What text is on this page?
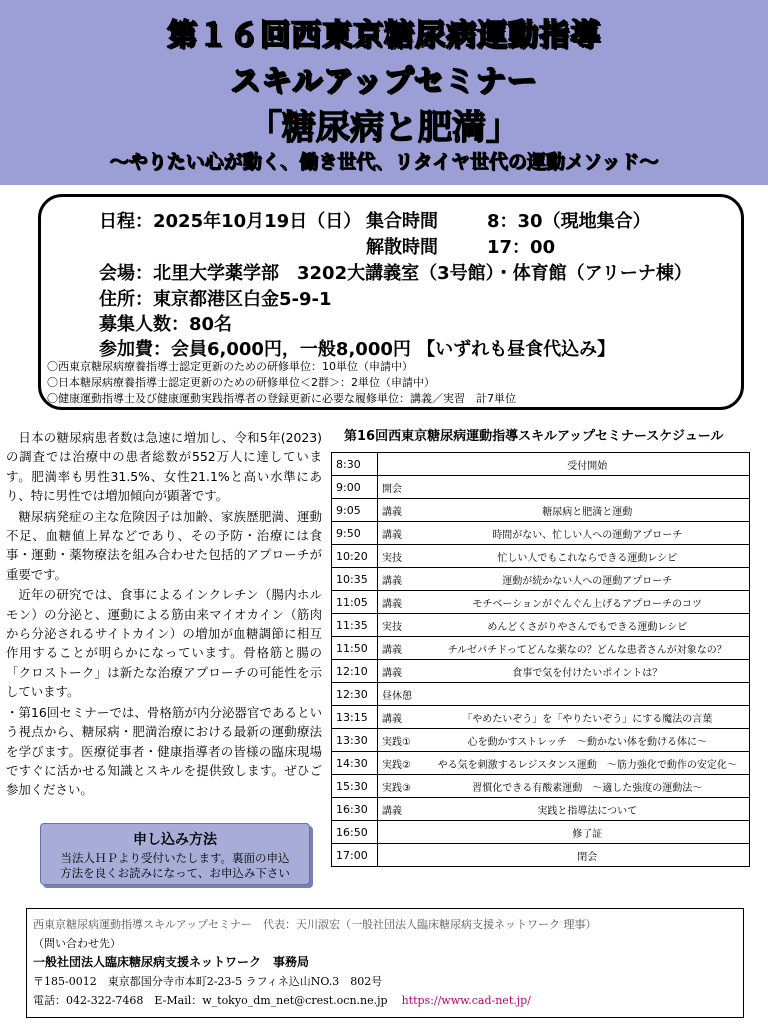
第１６回西東京糖尿病運動指導
スキルアップセミナー
「糖尿病と肥満」
〜やりたい心が動く、働き世代、リタイヤ世代の運動メソッド〜
日程：2025年10月19日（日） 集合時間	8：30（現地集合）
解散時間	17：00
会場：北里大学薬学部　3202大講義室（3号館）・体育館（アリーナ棟）
住所：東京都港区白金5-9-1
募集人数：80名
参加費：会員6,000円，一般8,000円 【いずれも昼食代込み】
〇西東京糖尿病療養指導士認定更新のための研修単位：10単位（申請中）
〇日本糖尿病療養指導士認定更新のための研修単位＜2群＞：2単位（申請中）
〇健康運動指導士及び健康運動実践指導者の登録更新に必要な履修単位：講義／実習　計7単位

日本の糖尿病患者数は急速に増加し、令和5年(2023)の調査では治療中の患者総数が552万人に達しています。肥満率も男性31.5%、女性21.1%と高い水準にあり、特に男性では増加傾向が顕著です。

糖尿病発症の主な危険因子は加齢、家族歴肥満、運動不足、血糖値上昇などであり、その予防・治療には食事・運動・薬物療法を組み合わせた包括的アプローチが重要です。

近年の研究では、食事によるインクレチン（腸内ホルモン）の分泌と、運動による筋由来マイオカイン（筋肉から分泌されるサイトカイン）の増加が血糖調節に相互作用することが明らかになっています。骨格筋と腸の「クロストーク」は新たな治療アプローチの可能性を示しています。

・第16回セミナーでは、骨格筋が内分泌器官であるという視点から、糖尿病・肥満治療における最新の運動療法を学びます。医療従事者・健康指導者の皆様の臨床現場ですぐに活かせる知識とスキルを提供致します。ぜひご参加ください。

申し込み方法
当法人ＨＰより受付いたします。裏面の申込
方法を良くお読みになって、お申込み下さい
第16回西東京糖尿病運動指導スキルアップセミナースケジュール
8:30		受付開始
9:00	開会	
9:05	講義	糖尿病と肥満と運動
9:50	講義	時間がない、忙しい人への運動アプローチ
10:20	実技	忙しい人でもこれならできる運動レシピ
10:35	講義	運動が続かない人への運動アプローチ
11:05	講義	モチベーションがぐんぐん上げるアプローチのコツ
11:35	実技	めんどくさがりやさんでもできる運動レシピ
11:50	講義	チルゼパチドってどんな薬なの？どんな患者さんが対象なの？
12:10	講義	食事で気を付けたいポイントは？
12:30	昼休憩	
13:15	講義	「やめたいぞう」を「やりたいぞう」にする魔法の言葉
13:30	実践①	心を動かすストレッチ　〜動かない体を動ける体に〜
14:30	実践②	やる気を刺激するレジスタンス運動　〜筋力強化で動作の安定化〜
15:30	実践③	習慣化できる有酸素運動　〜適した強度の運動法〜
16:30	講義	実践と指導法について
16:50		修了証
17:00		閉会
西東京糖尿病運動指導スキルアップセミナー　代表：天川淑宏（一般社団法人臨床糖尿病支援ネットワーク 理事）
（問い合わせ先）
一般社団法人臨床糖尿病支援ネットワーク　事務局
〒185-0012　東京都国分寺市本町2-23-5 ラフィネ込山NO.3　802号
電話：042-322-7468　E-Mail：w_tokyo_dm_net@crest.ocn.ne.jp https://www.cad-net.jp/
